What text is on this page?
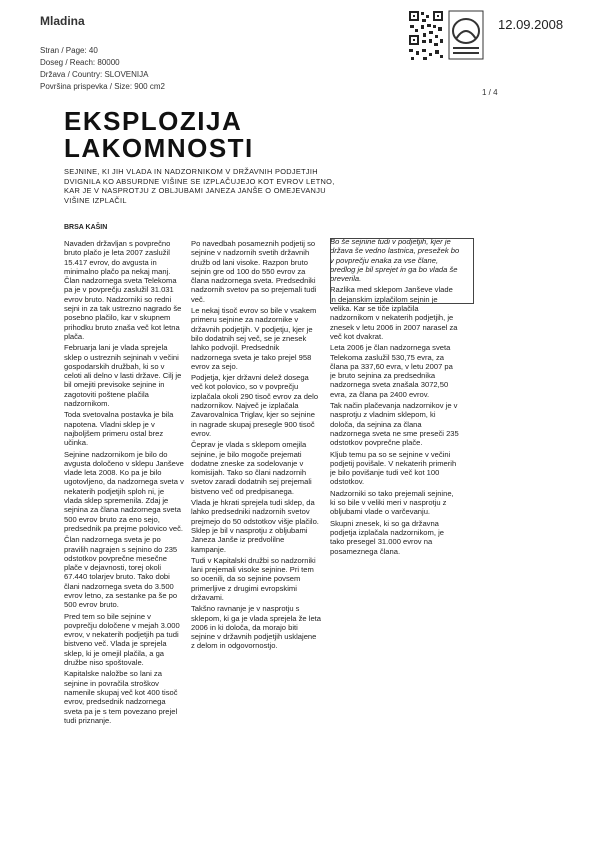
Mladina	12.09.2008
Stran / Page: 40
Doseg / Reach: 80000
Država / Country: SLOVENIJA
Površina prispevka / Size: 900 cm2
1 / 4
EKSPLOZIJA
LAKOMNOSTI
SEJNINE, KI JIH VLADA IN NADZORNIKOM V DRŽAVNIH PODJETJIH DVIGNILA KO ABSURDNE VIŠINE SE IZPLAČUJEJO KOT EVROV LETNO, KAR JE V NASPROTJU Z OBLJUBAMI JANEZA JANŠE O OMEJEVANJU VIŠINE IZPLAČIL
BRSA KAŠIN

Navaden državljan s povprečno bruto plačo je leta 2007 zaslužil 15.417 evrov, do avgusta in minimalno plačo pa nekaj manj. Član nadzornega sveta Telekoma pa je v povprečju zaslužil 31.031 evrov bruto. Nadzorniki so redni sejni in za tak ustrezno nagrado še posebno plačilo, kar v skupnem prihodku bruto znaša več kot letna plača.

Februarja lani je vlada sprejela sklep o ustreznih sejninah v večini gospodarskih družbah, ki so v celoti ali delno v lasti države. Cilj je bil omejiti previsoke sejnine in zagotoviti poštene plačila nadzornikom.

Toda svetovalna postavka je bila napotena. Vladni sklep je v najboljšem primeru ostal brez učinka.

Sejnine nadzornikom je bilo do avgusta določeno v sklepu Janševe vlade leta 2008. Ko pa je bilo ugotovljeno, da nadzornega sveta v nekaterih podjetjih sploh ni, je vlada sklep spremenila. Zdaj je sejnina za člana nadzornega sveta 500 evrov bruto za eno sejo, predsednik pa prejme polovico več.

Član nadzornega sveta je po pravilih nagrajen s sejnino do 235 odstotkov povprečne mesečne plače v dejavnosti, torej okoli 67.440 tolarjev bruto. Tako dobi člani nadzornega sveta do 3.500 evrov letno, za sestanke pa še po 500 evrov bruto.

Pred tem so bile sejnine v povprečju določene v mejah 3.000 evrov, v nekaterih podjetjih pa tudi bistveno več. Vlada je sprejela sklep, ki je omejil plačila, a ga družbe niso spoštovale.

Kapitalske naložbe so lani za sejnine in povračila stroškov namenile skupaj več kot 400 tisoč evrov, predsednik nadzornega sveta pa je s tem povezano prejel tudi priznanje.

Po navedbah posameznih podjetij so sejnine v nadzornih svetih državnih družb od lani visoke. Razpon bruto sejnin gre od 100 do 550 evrov za člana nadzornega sveta. Predsedniki nadzornih svetov pa so prejemali tudi več.

Le nekaj tisoč evrov so bile v vsakem primeru sejnine za nadzornike v državnih podjetjih. V podjetju, kjer je bilo dodatnih sej več, se je znesek lahko podvojil. Predsednik nadzornega sveta je tako prejel 958 evrov za sejo.

Podjetja, kjer državni delež dosega več kot polovico, so v povprečju izplačala okoli 290 tisoč evrov za delo nadzornikov. Največ je izplačala Zavarovalnica Triglav, kjer so sejnine in nagrade skupaj presegle 900 tisoč evrov.

Čeprav je vlada s sklepom omejila sejnine, je bilo mogoče prejemati dodatne zneske za sodelovanje v komisijah. Tako so člani nadzornih svetov zaradi dodatnih sej prejemali bistveno več od predpisanega.

Vlada je hkrati sprejela tudi sklep, da lahko predsedniki nadzornih svetov prejmejo do 50 odstotkov višje plačilo. Sklep je bil v nasprotju z obljubami Janeza Janše iz predvolilne kampanje.

Tudi v Kapitalski družbi so nadzorniki lani prejemali visoke sejnine. Pri tem so ocenili, da so sejnine povsem primerljive z drugimi evropskimi državami.

Takšno ravnanje je v nasprotju s sklepom, ki ga je vlada sprejela že leta 2006 in ki določa, da morajo biti sejnine v državnih podjetjih usklajene z delom in odgovornostjo.

Bo še sejnine tudi v podjetjih, kjer je država še vedno lastnica, presežek bo v povprečju enaka za vse člane, predlog je bil sprejet in ga bo vlada še preverila.

Razlika med sklepom Janševe vlade in dejanskim izplačilom sejnin je velika. Kar se tiče izplačila nadzornikom v nekaterih podjetjih, je znesek v letu 2006 in 2007 narasel za več kot dvakrat.

Leta 2006 je član nadzornega sveta Telekoma zaslužil 530,75 evra, za člana pa 337,60 evra, v letu 2007 pa je bruto sejnina za predsednika nadzornega sveta znašala 3072,50 evra, za člana pa 2400 evrov.

Tak način plačevanja nadzornikov je v nasprotju z vladnim sklepom, ki določa, da sejnina za člana nadzornega sveta ne sme preseči 235 odstotkov povprečne plače.

Kljub temu pa so se sejnine v večini podjetij povišale. V nekaterih primerih je bilo povišanje tudi več kot 100 odstotkov.

Nadzorniki so tako prejemali sejnine, ki so bile v veliki meri v nasprotju z obljubami vlade o varčevanju.

Skupni znesek, ki so ga državna podjetja izplačala nadzornikom, je tako presegel 31.000 evrov na posameznega člana.
